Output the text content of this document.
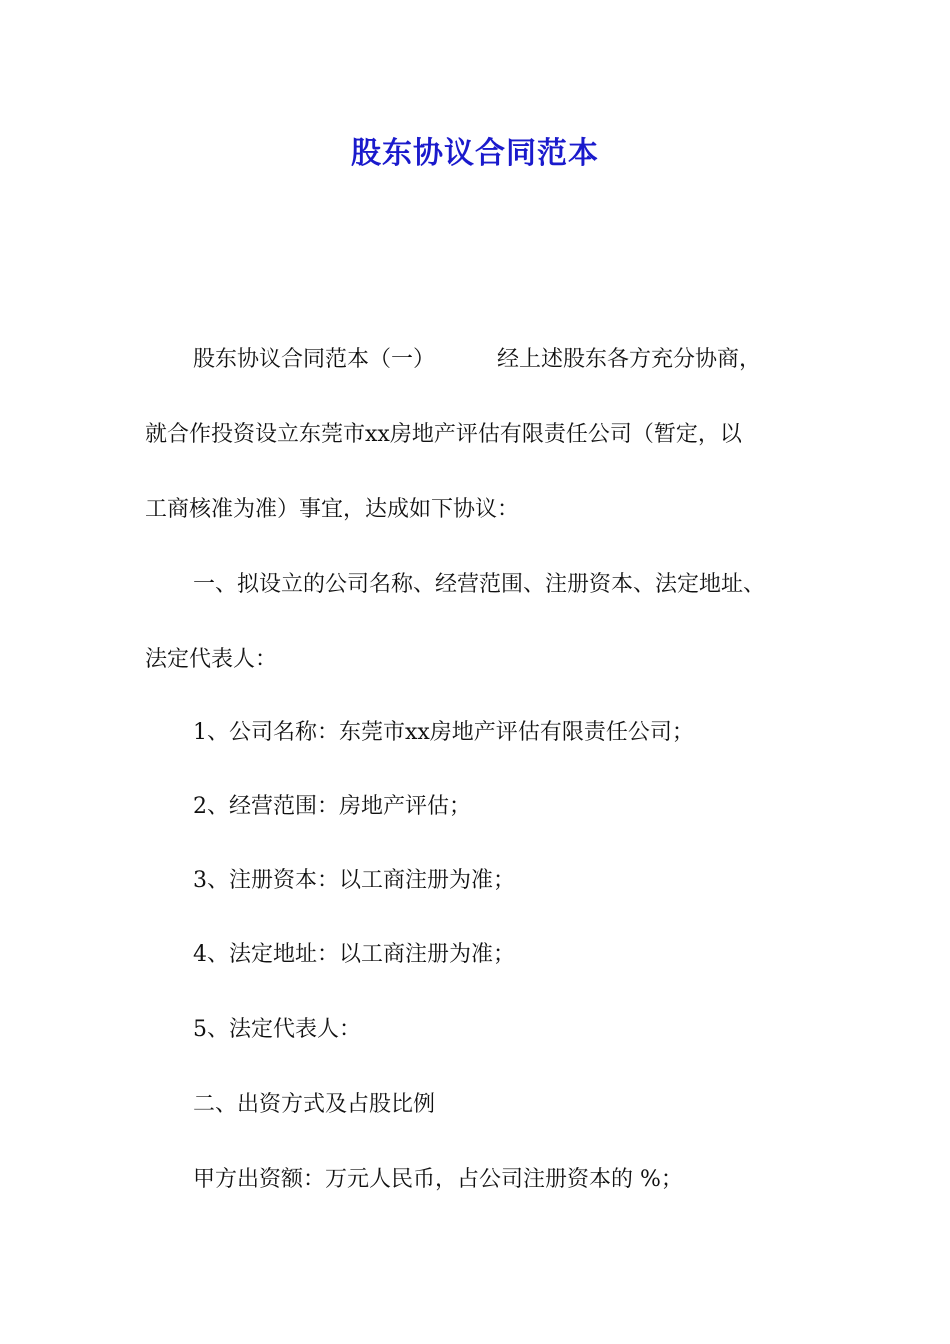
股东协议合同范本
股东协议合同范本（一）	经上述股东各方充分协商，
就合作投资设立东莞市xx房地产评估有限责任公司（暂定，以
工商核准为准）事宜，达成如下协议：
一、拟设立的公司名称、经营范围、注册资本、法定地址、
法定代表人：
1、公司名称：东莞市xx房地产评估有限责任公司；
2、经营范围：房地产评估；
3、注册资本：以工商注册为准；
4、法定地址：以工商注册为准；
5、法定代表人：
二、出资方式及占股比例
甲方出资额：万元人民币，占公司注册资本的 %；
